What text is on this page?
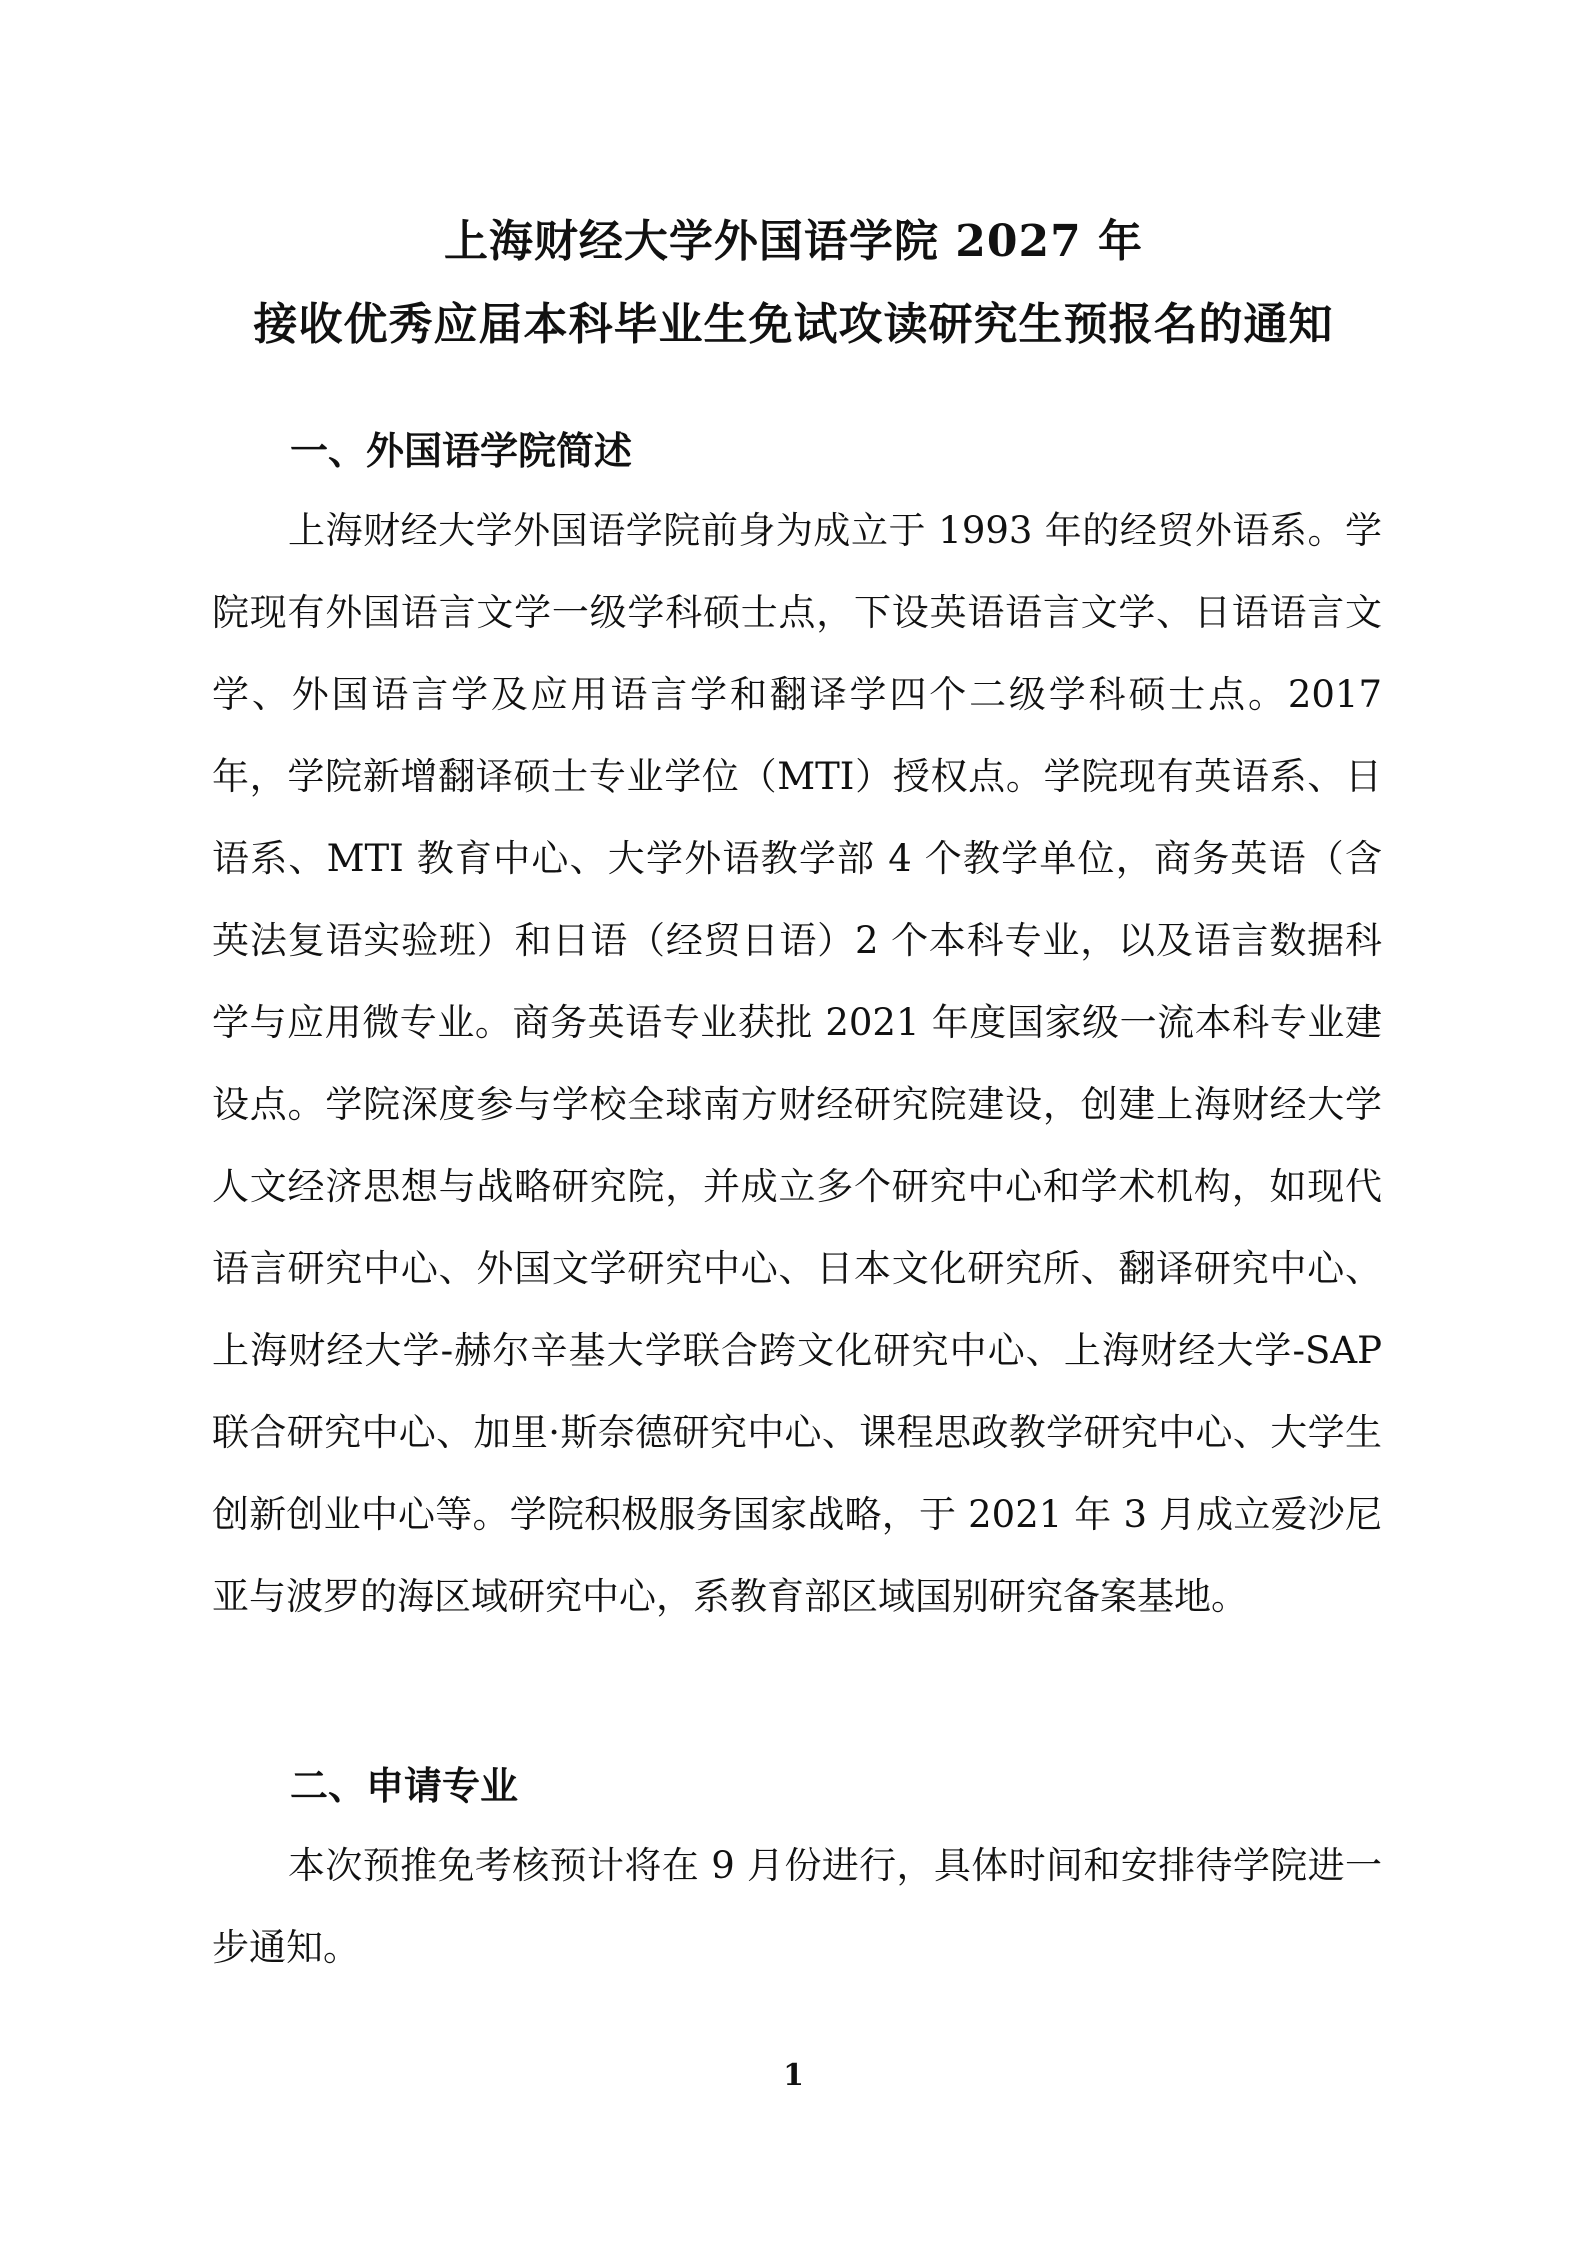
上海财经大学外国语学院 2027 年
接收优秀应届本科毕业生免试攻读研究生预报名的通知
一、外国语学院简述

上海财经大学外国语学院前身为成立于 1993 年的经贸外语系。学院现有外国语言文学一级学科硕士点，下设英语语言文学、日语语言文学、外国语言学及应用语言学和翻译学四个二级学科硕士点。2017 年，学院新增翻译硕士专业学位（MTI）授权点。学院现有英语系、日语系、MTI 教育中心、大学外语教学部 4 个教学单位，商务英语（含英法复语实验班）和日语（经贸日语）2 个本科专业，以及语言数据科学与应用微专业。商务英语专业获批 2021 年度国家级一流本科专业建设点。学院深度参与学校全球南方财经研究院建设，创建上海财经大学人文经济思想与战略研究院，并成立多个研究中心和学术机构，如现代语言研究中心、外国文学研究中心、日本文化研究所、翻译研究中心、上海财经大学-赫尔辛基大学联合跨文化研究中心、上海财经大学-SAP 联合研究中心、加里·斯奈德研究中心、课程思政教学研究中心、大学生创新创业中心等。学院积极服务国家战略，于 2021 年 3 月成立爱沙尼亚与波罗的海区域研究中心，系教育部区域国别研究备案基地。

二、申请专业

本次预推免考核预计将在 9 月份进行，具体时间和安排待学院进一步通知。

1
